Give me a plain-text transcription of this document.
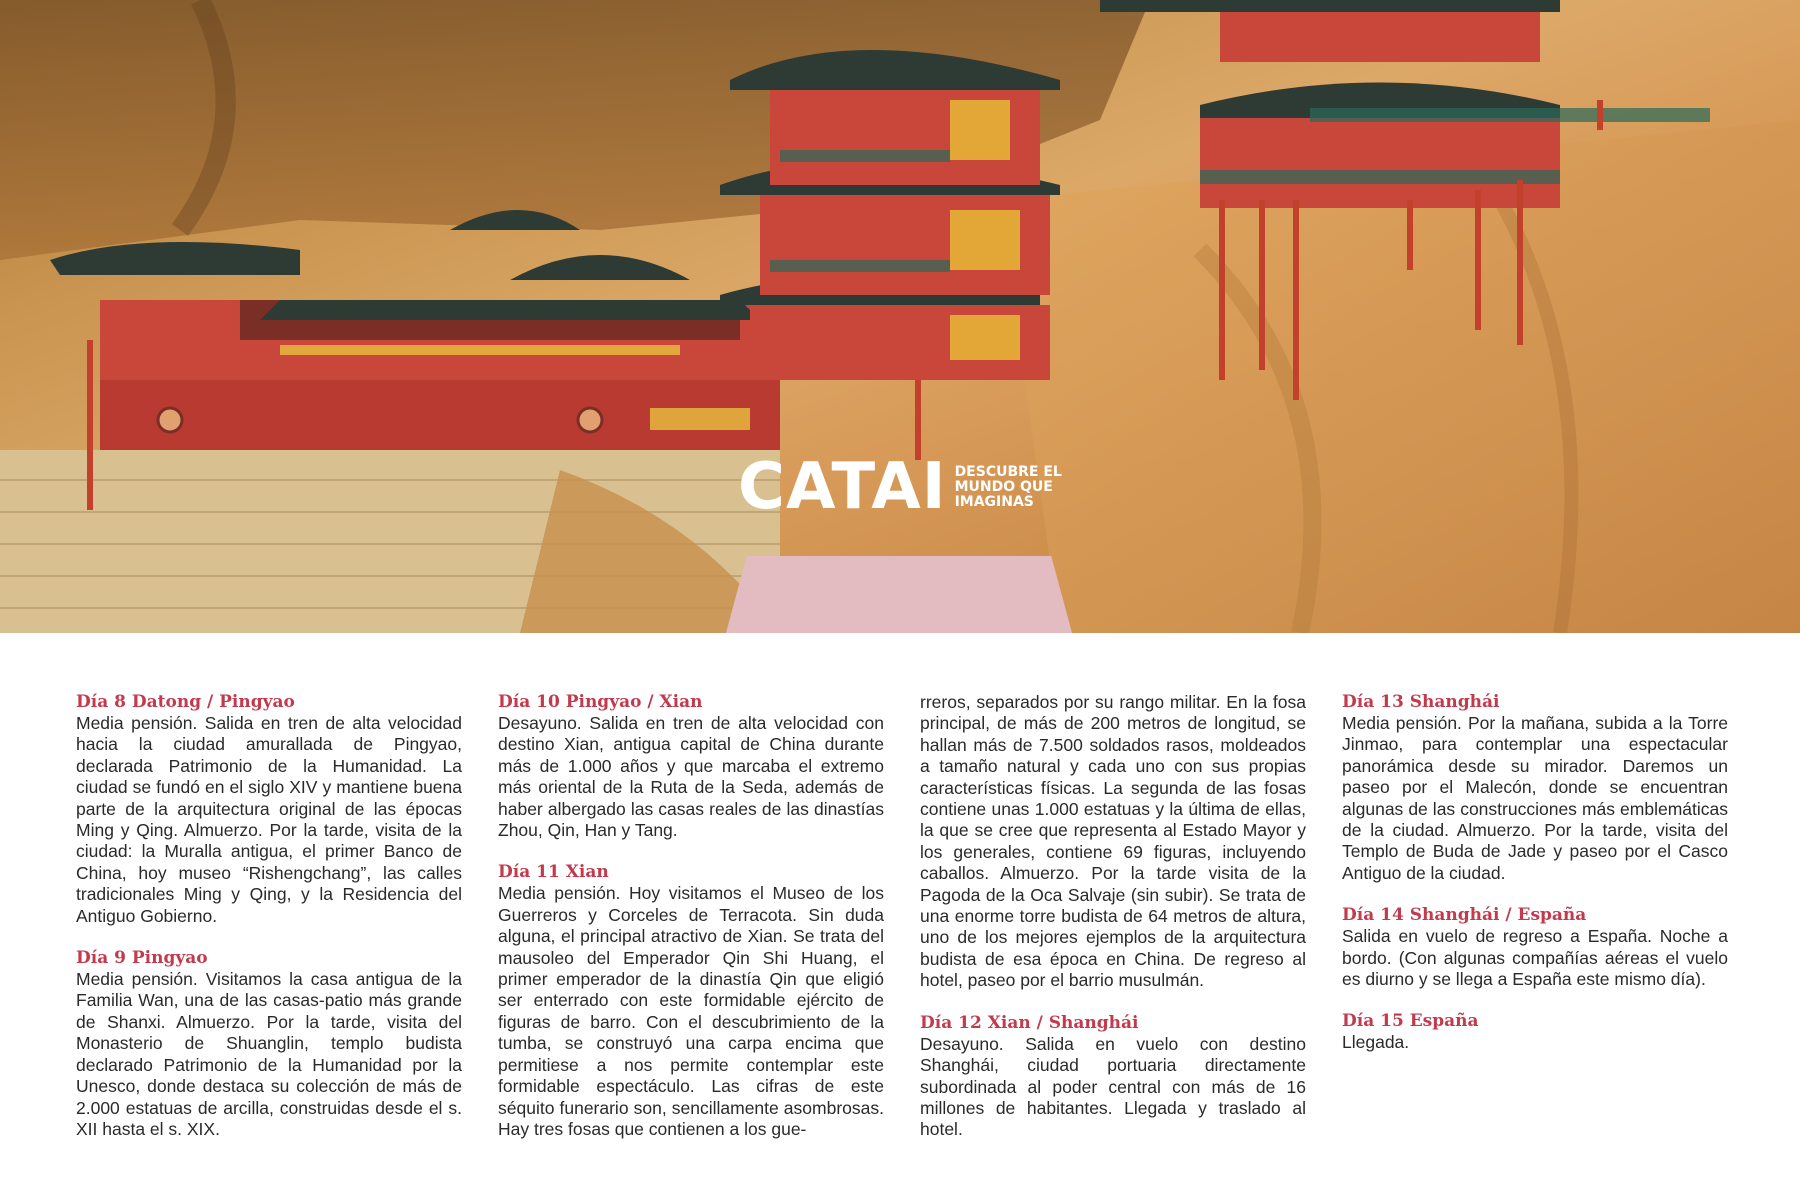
CATAI DESCUBRE EL MUNDO QUE IMAGINAS
Día 8 Datong / Pingyao
Media pensión. Salida en tren de alta velocidad hacia la ciudad amurallada de Pingyao, declarada Patrimonio de la Humanidad. La ciudad se fundó en el siglo XIV y mantiene buena parte de la arquitectura original de las épocas Ming y Qing. Almuerzo. Por la tarde, visita de la ciudad: la Muralla antigua, el primer Banco de China, hoy museo “Rishengchang”, las calles tradicionales Ming y Qing, y la Residencia del Antiguo Gobierno.
Día 9 Pingyao
Media pensión. Visitamos la casa antigua de la Familia Wan, una de las casas-patio más grande de Shanxi. Almuerzo. Por la tarde, visita del Monasterio de Shuanglin, templo budista declarado Patrimonio de la Humanidad por la Unesco, donde destaca su colección de más de 2.000 estatuas de arcilla, construidas desde el s. XII hasta el s. XIX.
Día 10 Pingyao / Xian
Desayuno. Salida en tren de alta velocidad con destino Xian, antigua capital de China durante más de 1.000 años y que marcaba el extremo más oriental de la Ruta de la Seda, además de haber albergado las casas reales de las dinastías Zhou, Qin, Han y Tang.
Día 11 Xian
Media pensión. Hoy visitamos el Museo de los Guerreros y Corceles de Terracota. Sin duda alguna, el principal atractivo de Xian. Se trata del mausoleo del Emperador Qin Shi Huang, el primer emperador de la dinastía Qin que eligió ser enterrado con este formidable ejército de figuras de barro. Con el descubrimiento de la tumba, se construyó una carpa encima que permitiese a nos permite contemplar este formidable espectáculo. Las cifras de este séquito funerario son, sencillamente asombrosas. Hay tres fosas que contienen a los gue-
rreros, separados por su rango militar. En la fosa principal, de más de 200 metros de longitud, se hallan más de 7.500 soldados rasos, moldeados a tamaño natural y cada uno con sus propias características físicas. La segunda de las fosas contiene unas 1.000 estatuas y la última de ellas, la que se cree que representa al Estado Mayor y los generales, contiene 69 figuras, incluyendo caballos. Almuerzo. Por la tarde visita de la Pagoda de la Oca Salvaje (sin subir). Se trata de una enorme torre budista de 64 metros de altura, uno de los mejores ejemplos de la arquitectura budista de esa época en China. De regreso al hotel, paseo por el barrio musulmán.
Día 12 Xian / Shanghái
Desayuno. Salida en vuelo con destino Shanghái, ciudad portuaria directamente subordinada al poder central con más de 16 millones de habitantes. Llegada y traslado al hotel.
Día 13 Shanghái
Media pensión. Por la mañana, subida a la Torre Jinmao, para contemplar una espectacular panorámica desde su mirador. Daremos un paseo por el Malecón, donde se encuentran algunas de las construcciones más emblemáticas de la ciudad. Almuerzo. Por la tarde, visita del Templo de Buda de Jade y paseo por el Casco Antiguo de la ciudad.
Día 14 Shanghái / España
Salida en vuelo de regreso a España. Noche a bordo. (Con algunas compañías aéreas el vuelo es diurno y se llega a España este mismo día).
Día 15 España
Llegada.
